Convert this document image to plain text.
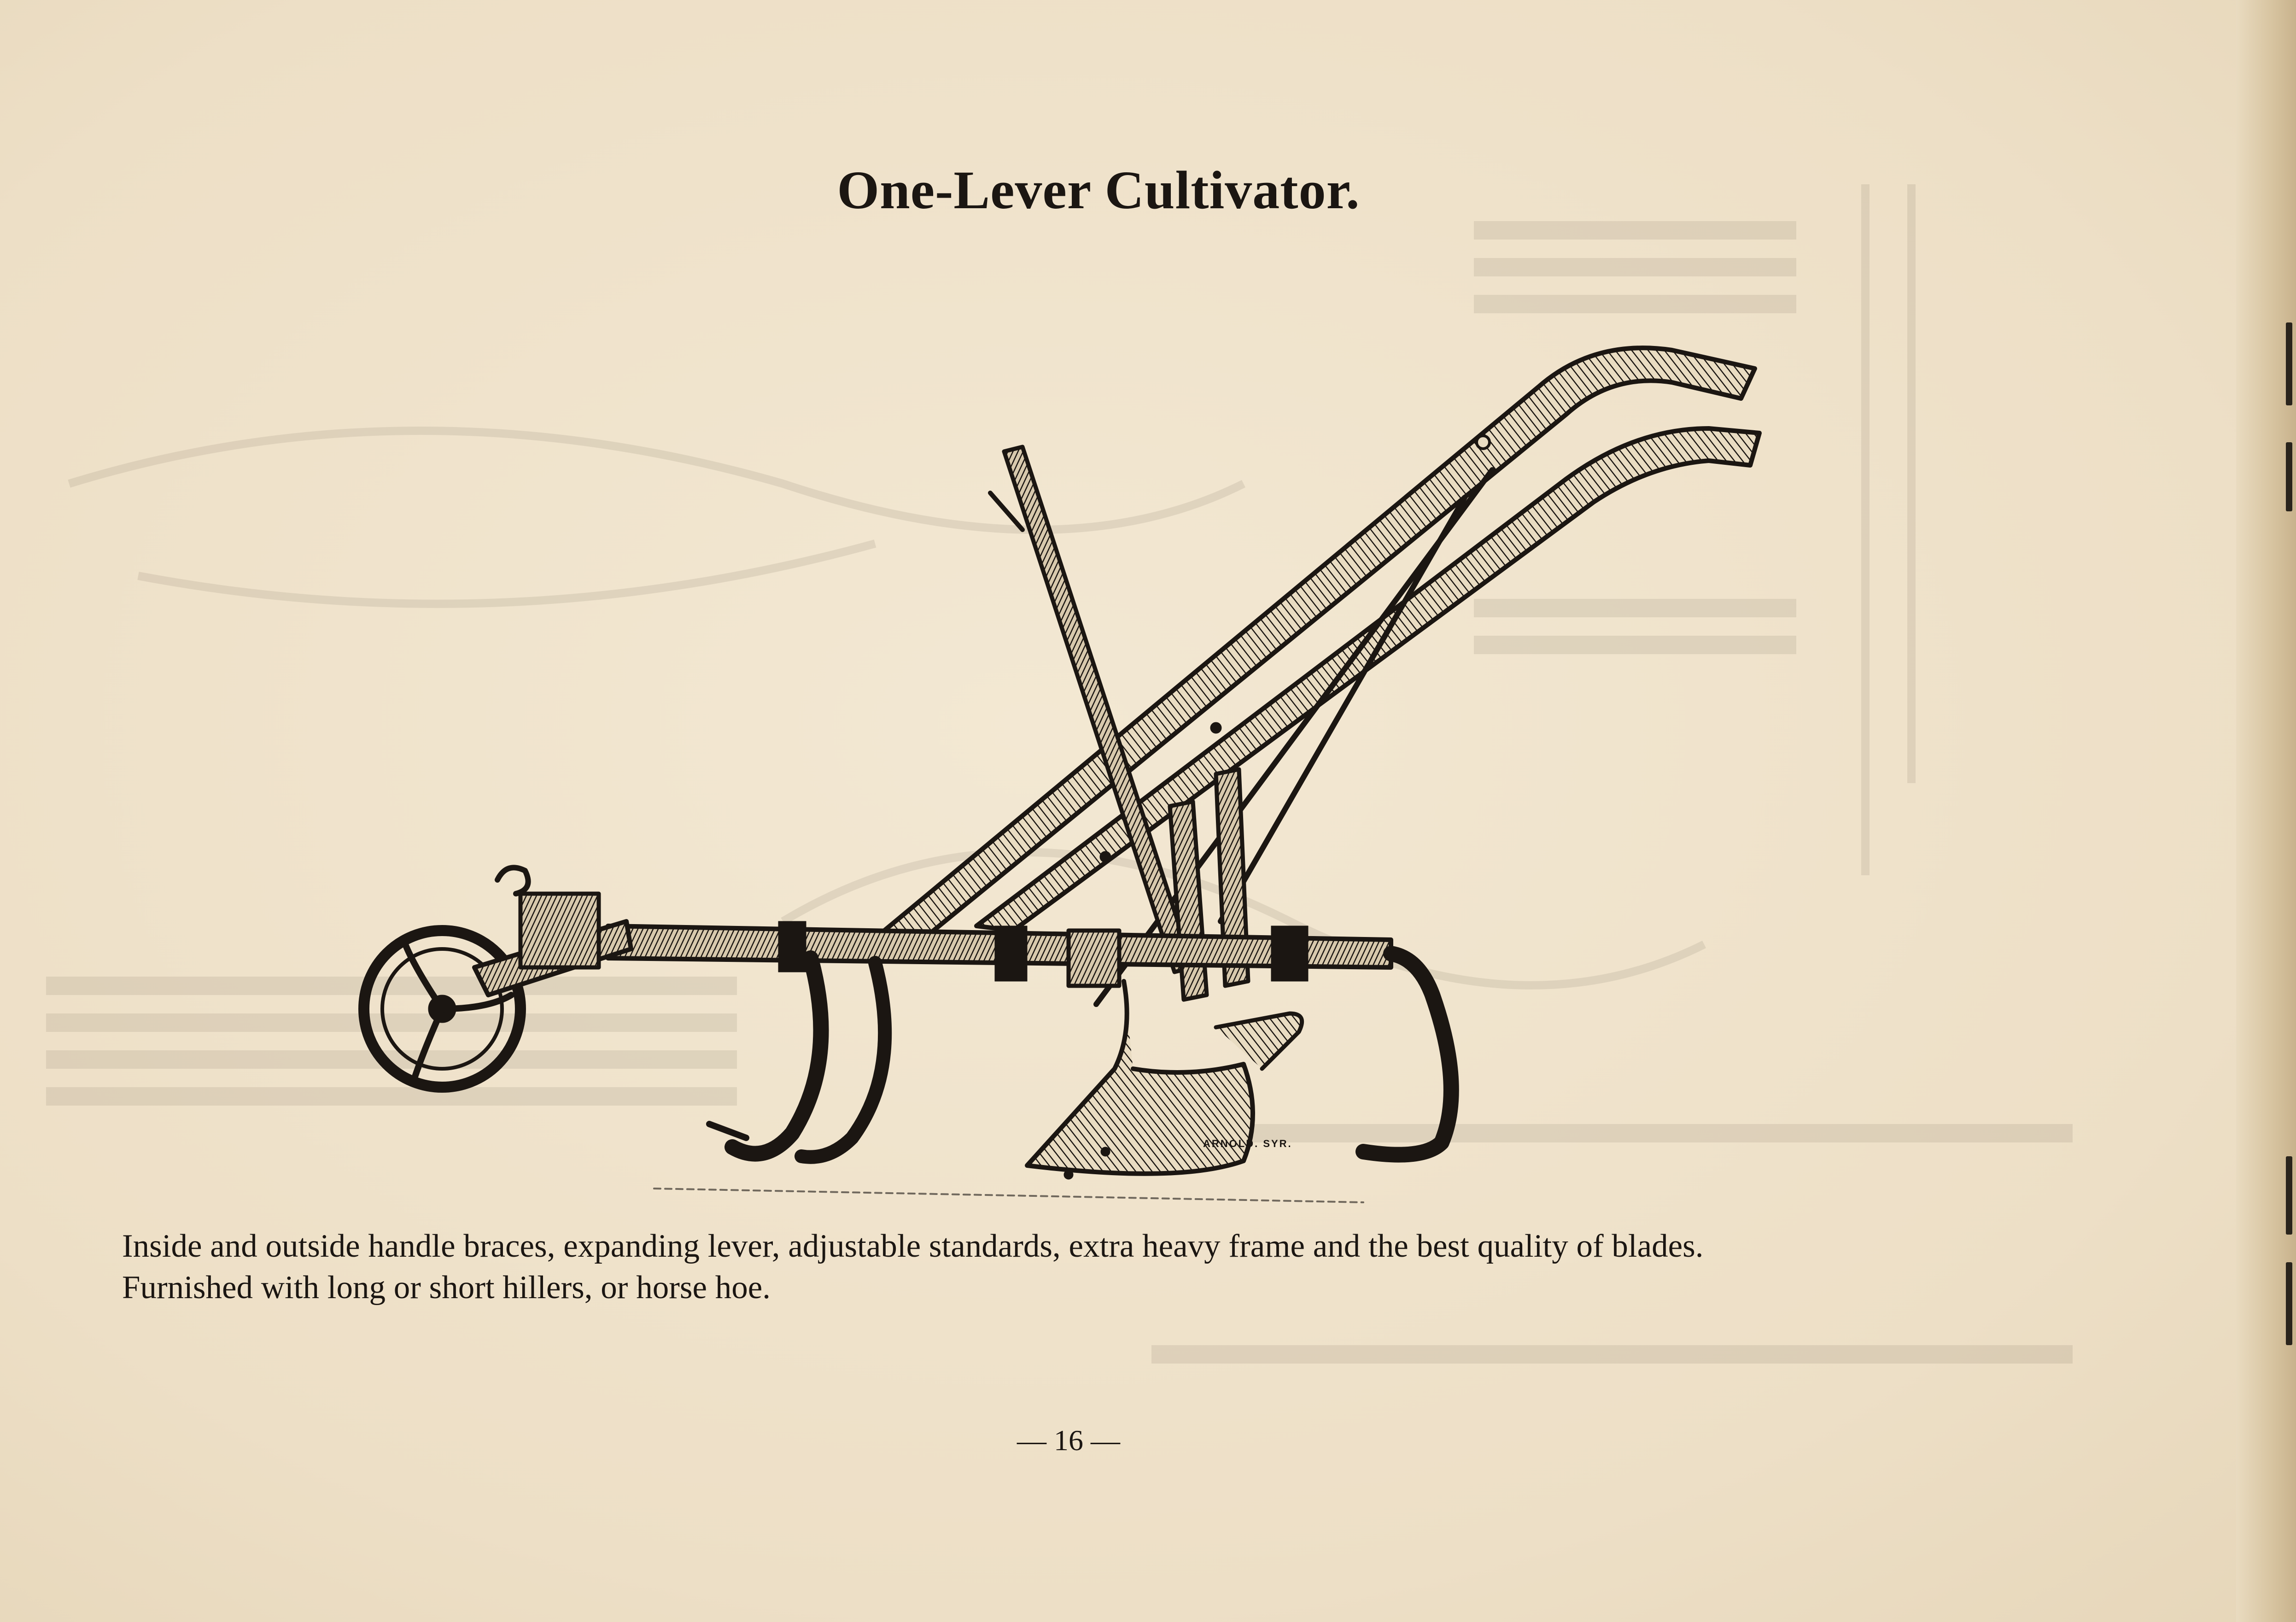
One-Lever Cultivator.
ARNOLD. SYR.

Inside and outside handle braces, expanding lever, adjustable standards, extra heavy frame and the best quality of blades.

Furnished with long or short hillers, or horse hoe.

— 16 —
